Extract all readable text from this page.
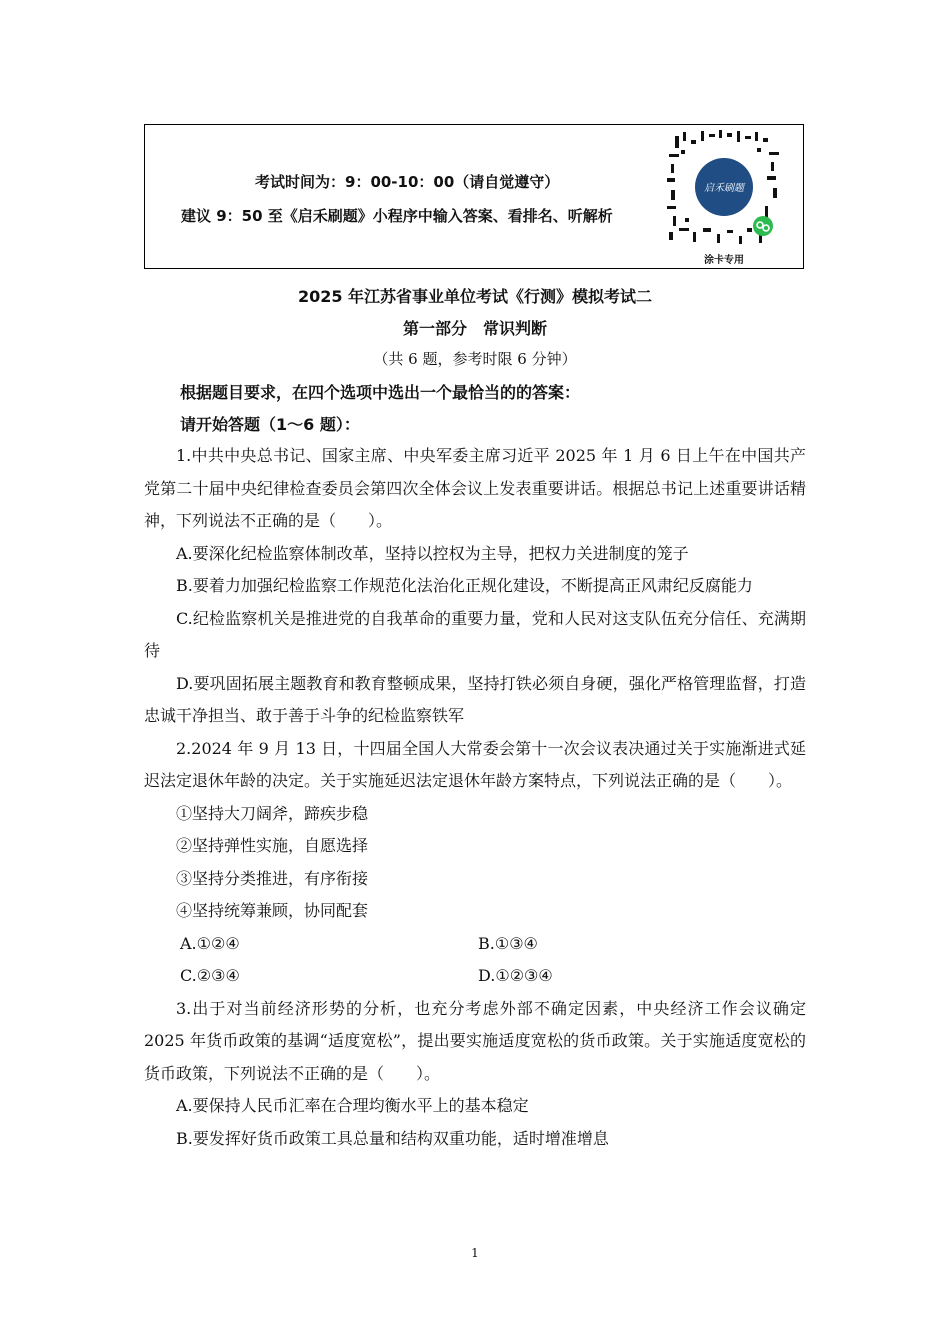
考试时间为：9：00-10：00（请自觉遵守）
建议 9：50 至《启禾刷题》小程序中输入答案、看排名、听解析
启禾刷题
涂卡专用
2025 年江苏省事业单位考试《行测》模拟考试二
第一部分　常识判断
（共 6 题，参考时限 6 分钟）
根据题目要求，在四个选项中选出一个最恰当的的答案：
请开始答题（1～6 题）：

1.中共中央总书记、国家主席、中央军委主席习近平 2025 年 1 月 6 日上午在中国共产党第二十届中央纪律检查委员会第四次全体会议上发表重要讲话。根据总书记上述重要讲话精神，下列说法不正确的是（　　）。

A.要深化纪检监察体制改革，坚持以控权为主导，把权力关进制度的笼子

B.要着力加强纪检监察工作规范化法治化正规化建设，不断提高正风肃纪反腐能力

C.纪检监察机关是推进党的自我革命的重要力量，党和人民对这支队伍充分信任、充满期待

D.要巩固拓展主题教育和教育整顿成果，坚持打铁必须自身硬，强化严格管理监督，打造忠诚干净担当、敢于善于斗争的纪检监察铁军

2.2024 年 9 月 13 日，十四届全国人大常委会第十一次会议表决通过关于实施渐进式延迟法定退休年龄的决定。关于实施延迟法定退休年龄方案特点，下列说法正确的是（　　）。

①坚持大刀阔斧，蹄疾步稳

②坚持弹性实施，自愿选择

③坚持分类推进，有序衔接

④坚持统筹兼顾，协同配套

A.①②④	B.①③④
C.②③④	D.①②③④

3.出于对当前经济形势的分析，也充分考虑外部不确定因素，中央经济工作会议确定 2025 年货币政策的基调“适度宽松”，提出要实施适度宽松的货币政策。关于实施适度宽松的货币政策，下列说法不正确的是（　　）。

A.要保持人民币汇率在合理均衡水平上的基本稳定

B.要发挥好货币政策工具总量和结构双重功能，适时增准增息

1
